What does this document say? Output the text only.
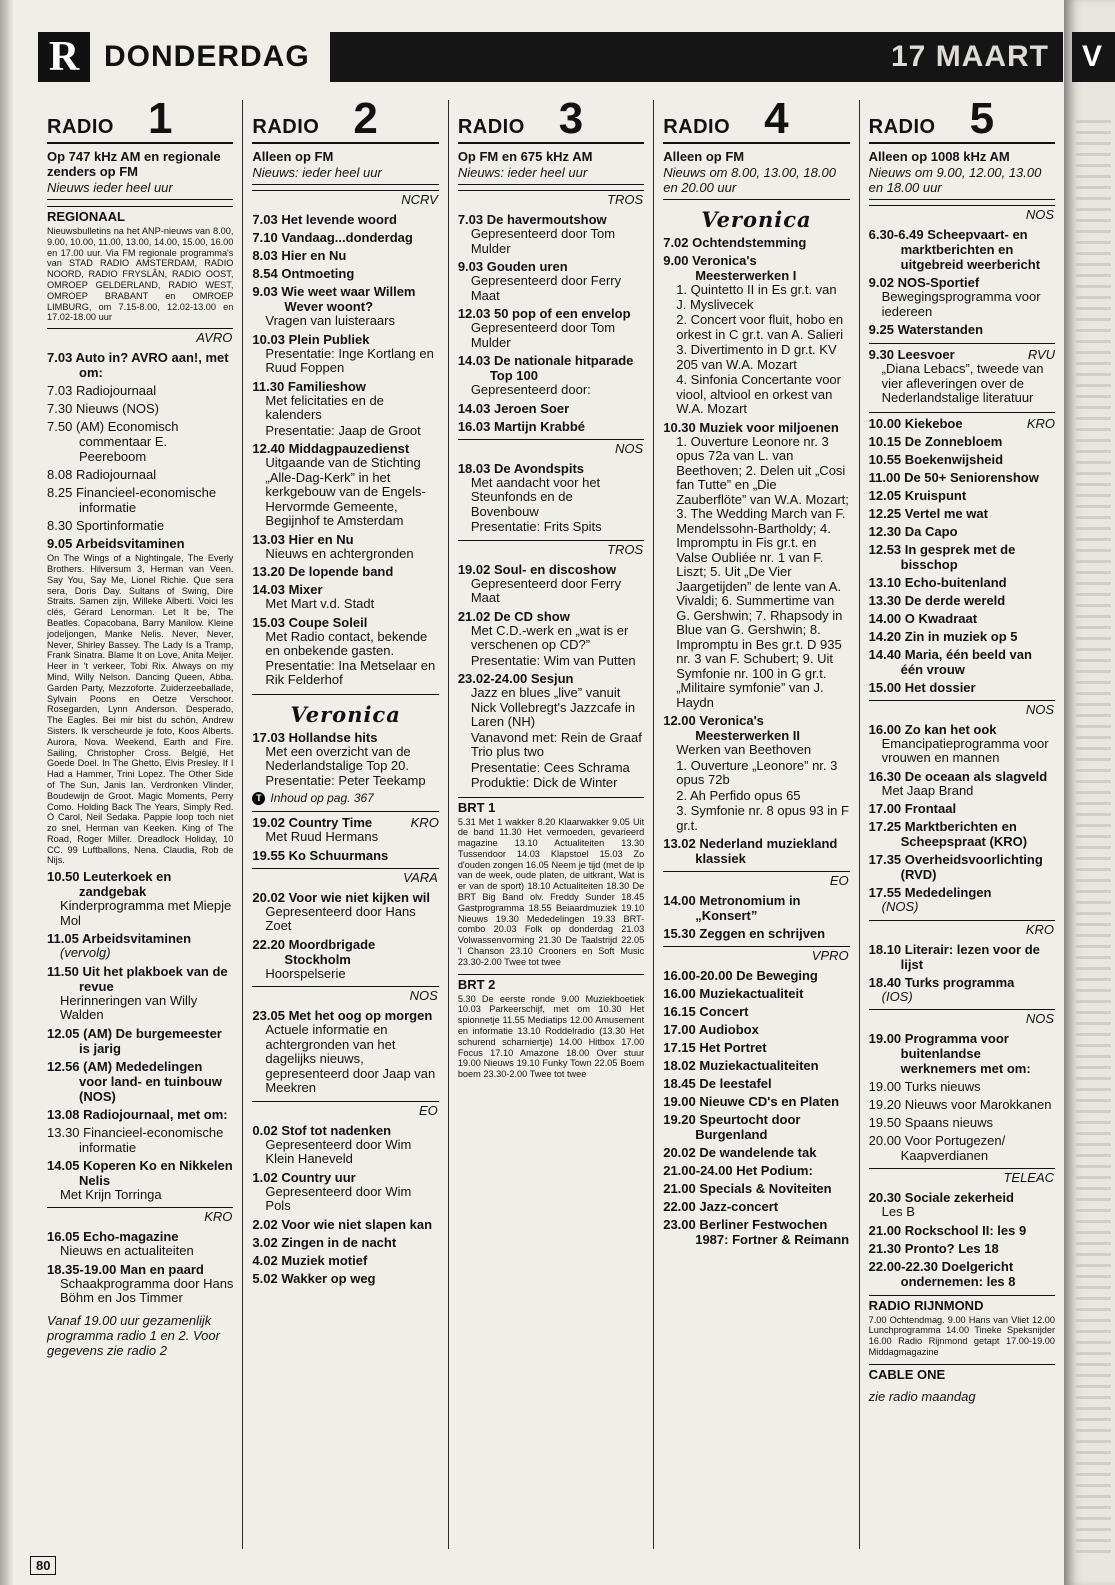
R DONDERDAG	17 MAART
RADIO 1
Op 747 kHz AM en regionale zenders op FM
Nieuws ieder heel uur

REGIONAAL

Nieuwsbulletins na het ANP-nieuws van 8.00, 9.00, 10.00, 11.00, 13.00, 14.00, 15.00, 16.00 en 17.00 uur. Via FM regionale programma's van STAD RADIO AMSTERDAM, RADIO NOORD, RADIO FRYSLÂN, RADIO OOST, OMROEP GELDERLAND, RADIO WEST, OMROEP BRABANT en OMROEP LIMBURG, om 7.15-8.00, 12.02-13.00 en 17.02-18.00 uur

AVRO

7.03 Auto in? AVRO aan!, met om:

7.03 Radiojournaal

7.30 Nieuws (NOS)

7.50 (AM) Economisch commentaar E. Peereboom

8.08 Radiojournaal

8.25 Financieel-economische informatie

8.30 Sportinformatie

9.05 Arbeidsvitaminen

On The Wings of a Nightingale, The Everly Brothers. Hilversum 3, Herman van Veen. Say You, Say Me, Lionel Richie. Que sera sera, Doris Day. Sultans of Swing, Dire Straits. Samen zijn, Willeke Alberti. Voici les clés, Gérard Lenorman. Let It be, The Beatles. Copacobana, Barry Manilow. Kleine jodeljongen, Manke Nelis. Never, Never, Never, Shirley Bassey. The Lady Is a Tramp, Frank Sinatra. Blame It on Love, Anita Meijer. Heer in 't verkeer, Tobi Rix. Always on my Mind, Willy Nelson. Dancing Queen, Abba. Garden Party, Mezzoforte. Zuiderzeeballade, Sylvain Poons en Oetze Verschoor. Rosegarden, Lynn Anderson. Desperado, The Eagles. Bei mir bist du schön, Andrew Sisters. Ik verscheurde je foto, Koos Alberts. Aurora, Nova. Weekend, Earth and Fire. Sailing, Christopher Cross. België, Het Goede Doel. In The Ghetto, Elvis Presley. If I Had a Hammer, Trini Lopez. The Other Side of The Sun, Janis Ian. Verdronken Vlinder, Boudewijn de Groot. Magic Moments, Perry Como. Holding Back The Years, Simply Red. O Carol, Neil Sedaka. Pappie loop toch niet zo snel, Herman van Keeken. King of The Road, Roger Miller. Dreadlock Holiday, 10 CC. 99 Luftballons, Nena. Claudia, Rob de Nijs.

10.50 Leuterkoek en zandgebak

Kinderprogramma met Miepje Mol

11.05 Arbeidsvitaminen

(vervolg)

11.50 Uit het plakboek van de revue

Herinneringen van Willy Walden

12.05 (AM) De burgemeester is jarig

12.56 (AM) Mededelingen voor land- en tuinbouw (NOS)

13.08 Radiojournaal, met om:

13.30 Financieel-economische informatie

14.05 Koperen Ko en Nikkelen Nelis

Met Krijn Torringa

KRO

16.05 Echo-magazine

Nieuws en actualiteiten

18.35-19.00 Man en paard

Schaakprogramma door Hans Böhm en Jos Timmer

Vanaf 19.00 uur gezamenlijk programma radio 1 en 2. Voor gegevens zie radio 2

RADIO 2
Alleen op FM
Nieuws: ieder heel uur
NCRV

7.03 Het levende woord

7.10 Vandaag...donderdag

8.03 Hier en Nu

8.54 Ontmoeting

9.03 Wie weet waar Willem Wever woont?

Vragen van luisteraars

10.03 Plein Publiek

Presentatie: Inge Kortlang en Ruud Foppen

11.30 Familieshow

Met felicitaties en de kalenders

Presentatie: Jaap de Groot

12.40 Middagpauzedienst

Uitgaande van de Stichting „Alle-Dag-Kerk” in het kerkgebouw van de Engels-Hervormde Gemeente, Begijnhof te Amsterdam

13.03 Hier en Nu

Nieuws en achtergronden

13.20 De lopende band

14.03 Mixer

Met Mart v.d. Stadt

15.03 Coupe Soleil

Met Radio contact, bekende en onbekende gasten. Presentatie: Ina Metselaar en Rik Felderhof

Veronica

17.03 Hollandse hits

Met een overzicht van de Nederlandstalige Top 20. Presentatie: Peter Teekamp

T Inhoud op pag. 367

KRO
19.02 Country Time

Met Ruud Hermans

19.55 Ko Schuurmans

VARA

20.02 Voor wie niet kijken wil

Gepresenteerd door Hans Zoet

22.20 Moordbrigade Stockholm

Hoorspelserie

NOS

23.05 Met het oog op morgen

Actuele informatie en achtergronden van het dagelijks nieuws, gepresenteerd door Jaap van Meekren

EO

0.02 Stof tot nadenken

Gepresenteerd door Wim Klein Haneveld

1.02 Country uur

Gepresenteerd door Wim Pols

2.02 Voor wie niet slapen kan

3.02 Zingen in de nacht

4.02 Muziek motief

5.02 Wakker op weg

RADIO 3
Op FM en 675 kHz AM
Nieuws: ieder heel uur
TROS

7.03 De havermoutshow

Gepresenteerd door Tom Mulder

9.03 Gouden uren

Gepresenteerd door Ferry Maat

12.03 50 pop of een envelop

Gepresenteerd door Tom Mulder

14.03 De nationale hitparade Top 100

Gepresenteerd door:

14.03 Jeroen Soer

16.03 Martijn Krabbé

NOS

18.03 De Avondspits

Met aandacht voor het Steunfonds en de Bovenbouw

Presentatie: Frits Spits

TROS

19.02 Soul- en discoshow

Gepresenteerd door Ferry Maat

21.02 De CD show

Met C.D.-werk en „wat is er verschenen op CD?”

Presentatie: Wim van Putten

23.02-24.00 Sesjun

Jazz en blues „live” vanuit Nick Vollebregt's Jazzcafe in Laren (NH)

Vanavond met: Rein de Graaf Trio plus two

Presentatie: Cees Schrama

Produktie: Dick de Winter

BRT 1

5.31 Met 1 wakker 8.20 Klaarwakker 9.05 Uit de band 11.30 Het vermoeden, gevarieerd magazine 13.10 Actualiteiten 13.30 Tussendoor 14.03 Klapstoel 15.03 Zo d'ouden zongen 16.05 Neem je tijd (met de lp van de week, oude platen, de uitkrant, Wat is er van de sport) 18.10 Actualiteiten 18.30 De BRT Big Band olv. Freddy Sunder 18.45 Gastprogramma 18.55 Beiaardmuziek 19.10 Nieuws 19.30 Mededelingen 19.33 BRT-combo 20.03 Folk op donderdag 21.03 Volwassenvorming 21.30 De Taalstrijd 22.05 'l Chanson 23.10 Crooners en Soft Music 23.30-2.00 Twee tot twee

BRT 2

5.30 De eerste ronde 9.00 Muziekboetiek 10.03 Parkeerschijf, met om 10.30 Het spionnetje 11.55 Mediatips 12.00 Amusement en informatie 13.10 Roddelradio (13.30 Het schurend scharniertje) 14.00 Hitbox 17.00 Focus 17.10 Amazone 18.00 Over stuur 19.00 Nieuws 19.10 Funky Town 22.05 Boem boem 23.30-2.00 Twee tot twee

RADIO 4
Alleen op FM
Nieuws om 8.00, 13.00, 18.00 en 20.00 uur
Veronica

7.02 Ochtendstemming

9.00 Veronica's Meesterwerken I

1. Quintetto II in Es gr.t. van J. Myslivecek

2. Concert voor fluit, hobo en orkest in C gr.t. van A. Salieri

3. Divertimento in D gr.t. KV 205 van W.A. Mozart

4. Sinfonia Concertante voor viool, altviool en orkest van W.A. Mozart

10.30 Muziek voor miljoenen

1. Ouverture Leonore nr. 3 opus 72a van L. van Beethoven; 2. Delen uit „Cosi fan Tutte” en „Die Zauberflöte” van W.A. Mozart; 3. The Wedding March van F. Mendelssohn-Bartholdy; 4. Impromptu in Fis gr.t. en Valse Oubliée nr. 1 van F. Liszt; 5. Uit „De Vier Jaargetijden” de lente van A. Vivaldi; 6. Summertime van G. Gershwin; 7. Rhapsody in Blue van G. Gershwin; 8. Impromptu in Bes gr.t. D 935 nr. 3 van F. Schubert; 9. Uit Symfonie nr. 100 in G gr.t. „Militaire symfonie” van J. Haydn

12.00 Veronica's Meesterwerken II

Werken van Beethoven

1. Ouverture „Leonore” nr. 3 opus 72b

2. Ah Perfido opus 65

3. Symfonie nr. 8 opus 93 in F gr.t.

13.02 Nederland muziekland klassiek

EO

14.00 Metronomium in „Konsert”

15.30 Zeggen en schrijven

VPRO

16.00-20.00 De Beweging

16.00 Muziekactualiteit

16.15 Concert

17.00 Audiobox

17.15 Het Portret

18.02 Muziekactualiteiten

18.45 De leestafel

19.00 Nieuwe CD's en Platen

19.20 Speurtocht door Burgenland

20.02 De wandelende tak

21.00-24.00 Het Podium:

21.00 Specials & Noviteiten

22.00 Jazz-concert

23.00 Berliner Festwochen 1987: Fortner & Reimann

RADIO 5
Alleen op 1008 kHz AM
Nieuws om 9.00, 12.00, 13.00 en 18.00 uur
NOS

6.30-6.49 Scheepvaart- en marktberichten en uitgebreid weerbericht

9.02 NOS-Sportief

Bewegingsprogramma voor iedereen

9.25 Waterstanden

RVU
9.30 Leesvoer

„Diana Lebacs”, tweede van vier afleveringen over de Nederlandstalige literatuur

KRO
10.00 Kiekeboe

10.15 De Zonnebloem

10.55 Boekenwijsheid

11.00 De 50+ Seniorenshow

12.05 Kruispunt

12.25 Vertel me wat

12.30 Da Capo

12.53 In gesprek met de bisschop

13.10 Echo-buitenland

13.30 De derde wereld

14.00 O Kwadraat

14.20 Zin in muziek op 5

14.40 Maria, één beeld van één vrouw

15.00 Het dossier

NOS

16.00 Zo kan het ook

Emancipatieprogramma voor vrouwen en mannen

16.30 De oceaan als slagveld

Met Jaap Brand

17.00 Frontaal

17.25 Marktberichten en Scheepspraat (KRO)

17.35 Overheidsvoorlichting (RVD)

17.55 Mededelingen

(NOS)

KRO

18.10 Literair: lezen voor de lijst

18.40 Turks programma

(IOS)

NOS

19.00 Programma voor buitenlandse werknemers met om:

19.00 Turks nieuws

19.20 Nieuws voor Marokkanen

19.50 Spaans nieuws

20.00 Voor Portugezen/ Kaapverdianen

TELEAC

20.30 Sociale zekerheid

Les B

21.00 Rockschool II: les 9

21.30 Pronto? Les 18

22.00-22.30 Doelgericht ondernemen: les 8

RADIO RIJNMOND

7.00 Ochtendmag. 9.00 Hans van Vliet 12.00 Lunchprogramma 14.00 Tineke Speksnijder 16.00 Radio Rijnmond getapt 17.00-19.00 Middagmagazine

CABLE ONE

zie radio maandag

80
V
